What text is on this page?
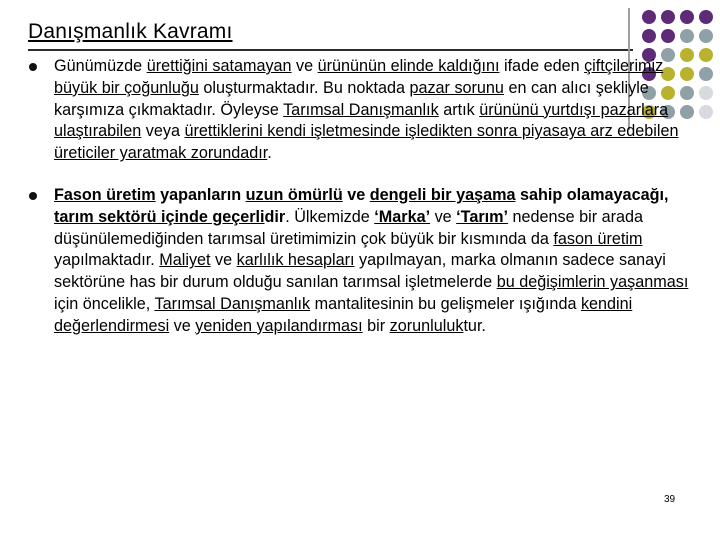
Danışmanlık Kavramı
Günümüzde ürettiğini satamayan ve ürününün elinde kaldığını ifade eden çiftçilerimiz büyük bir çoğunluğu oluşturmaktadır. Bu noktada pazar sorunu en can alıcı şekliyle karşımıza çıkmaktadır. Öyleyse Tarımsal Danışmanlık artık ürününü yurtdışı pazarlara ulaştırabilen veya ürettiklerini kendi işletmesinde işledikten sonra piyasaya arz edebilen üreticiler yaratmak zorundadır.
Fason üretim yapanların uzun ömürlü ve dengeli bir yaşama sahip olamayacağı, tarım sektörü içinde geçerlidir. Ülkemizde ‘Marka’ ve ‘Tarım’ nedense bir arada düşünülemediğinden tarımsal üretimimizin çok büyük bir kısmında da fason üretim yapılmaktadır. Maliyet ve karlılık hesapları yapılmayan, marka olmanın sadece sanayi sektörüne has bir durum olduğu sanılan tarımsal işletmelerde bu değişimlerin yaşanması için öncelikle, Tarımsal Danışmanlık mantalitesinin bu gelişmeler ışığında kendini değerlendirmesi ve yeniden yapılandırması bir zorunluluktur.
39
